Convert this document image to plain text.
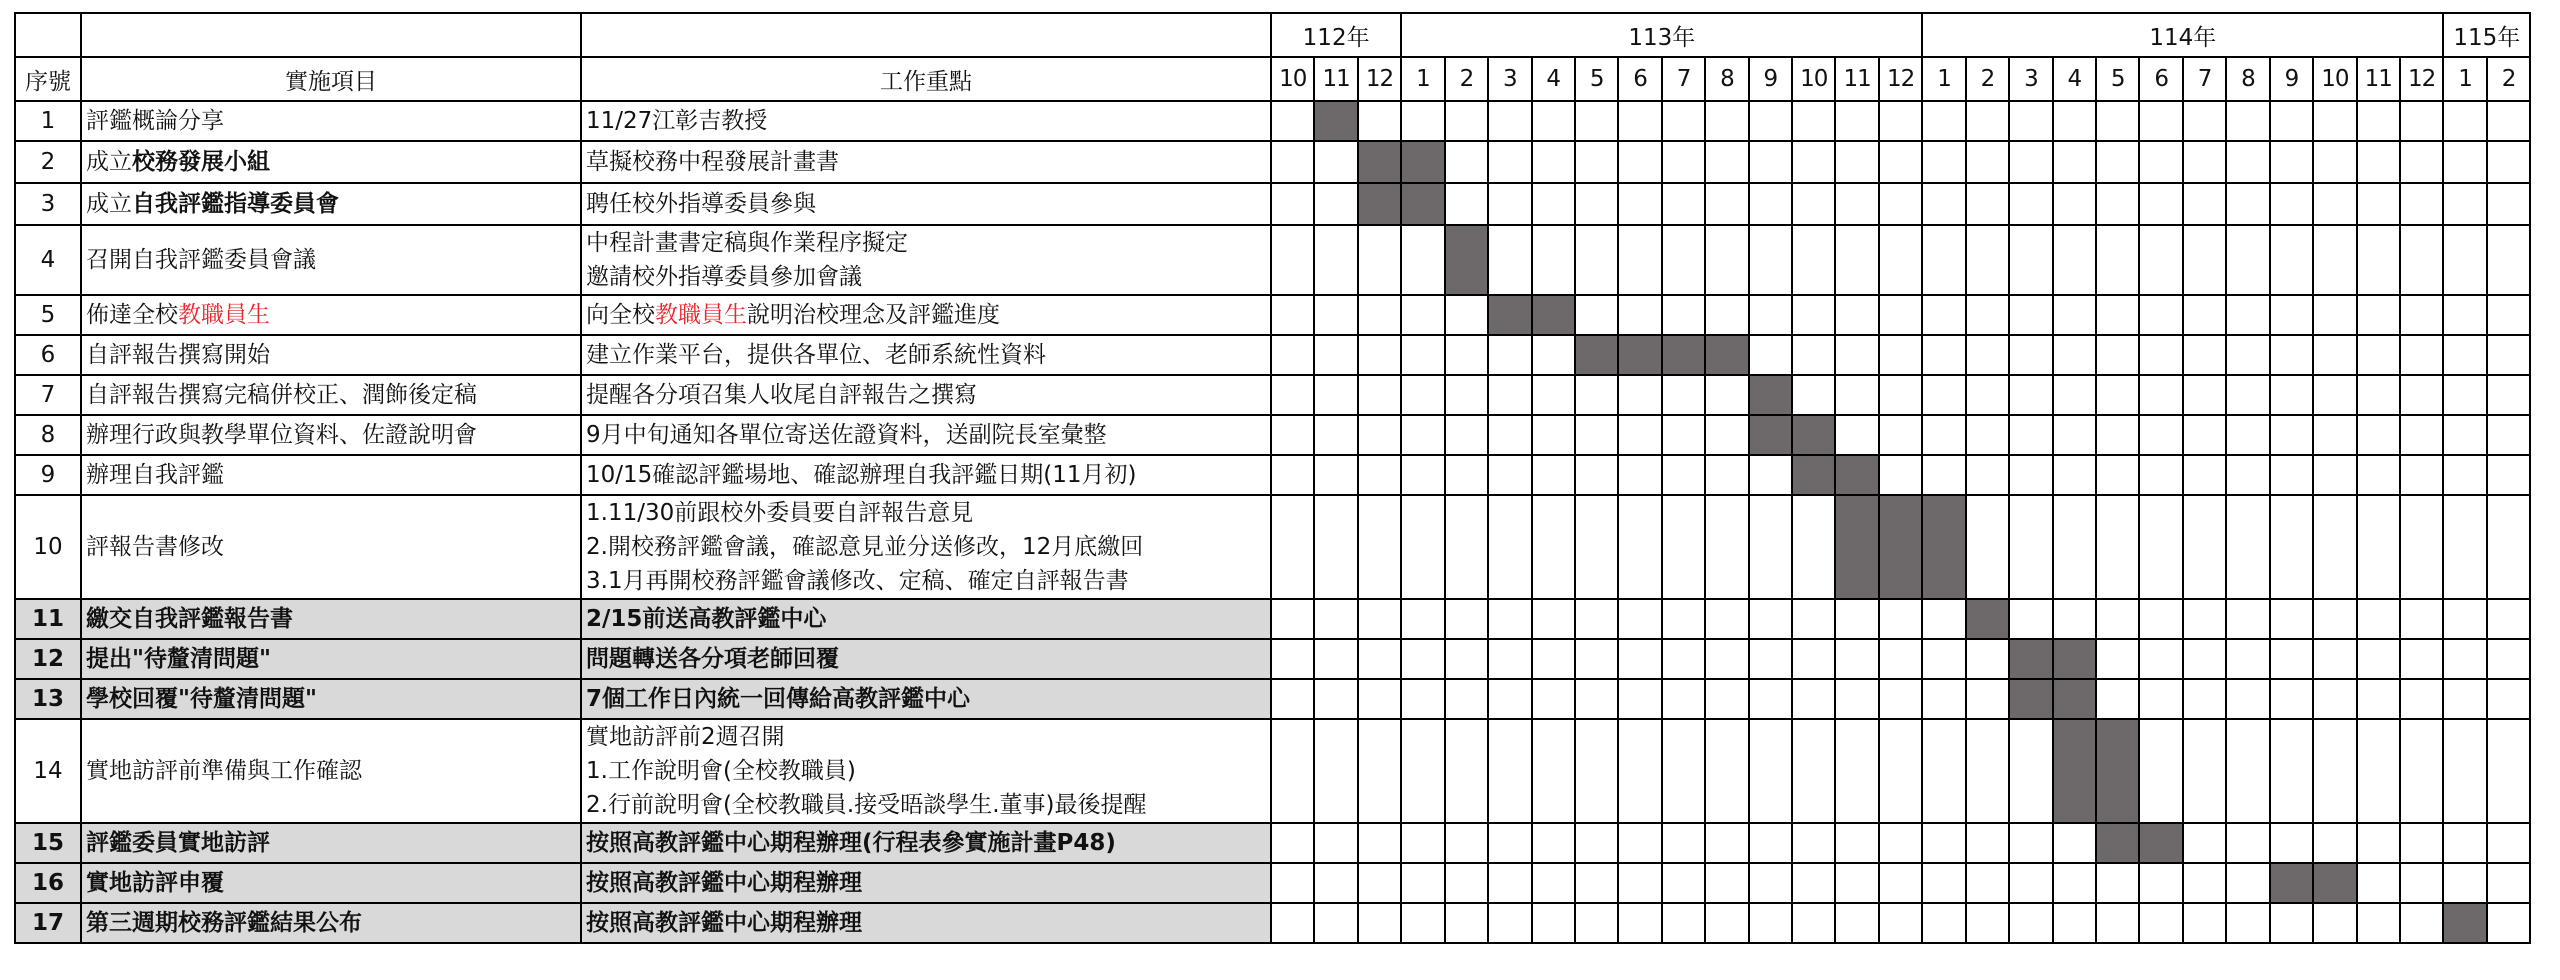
			112年			113年												114年												115年	
序號	實施項目	工作重點	10	11	12	1	2	3	4	5	6	7	8	9	10	11	12	1	2	3	4	5	6	7	8	9	10	11	12	1	2
1	評鑑概論分享	11/27江彰吉教授																													

2	成立校務發展小組	草擬校務中程發展計畫書																													

3	成立自我評鑑指導委員會	聘任校外指導委員參與																													

4	召開自我評鑑委員會議	中程計畫書定稿與作業程序擬定
邀請校外指導委員參加會議																													

5	佈達全校教職員生	向全校教職員生說明治校理念及評鑑進度																													
6	自評報告撰寫開始	建立作業平台，提供各單位、老師系統性資料																													

7	自評報告撰寫完稿併校正、潤飾後定稿	提醒各分項召集人收尾自評報告之撰寫																													

8	辦理行政與教學單位資料、佐證說明會	9月中旬通知各單位寄送佐證資料，送副院長室彙整																													

9	辦理自我評鑑	10/15確認評鑑場地、確認辦理自我評鑑日期(11月初)																													

10	評報告書修改	1.11/30前跟校外委員要自評報告意見
2.開校務評鑑會議，確認意見並分送修改，12月底繳回
3.1月再開校務評鑑會議修改、定稿、確定自評報告書																													

11	繳交自我評鑑報告書	2/15前送高教評鑑中心																													

12	提出"待釐清問題"	問題轉送各分項老師回覆																													

13	學校回覆"待釐清問題"	7個工作日內統一回傳給高教評鑑中心																													

14	實地訪評前準備與工作確認	實地訪評前2週召開
1.工作說明會(全校教職員)
2.行前說明會(全校教職員.接受晤談學生.董事)最後提醒																													

15	評鑑委員實地訪評	按照高教評鑑中心期程辦理(行程表參實施計畫P48)																													

16	實地訪評申覆	按照高教評鑑中心期程辦理																													

17	第三週期校務評鑑結果公布	按照高教評鑑中心期程辦理																													
